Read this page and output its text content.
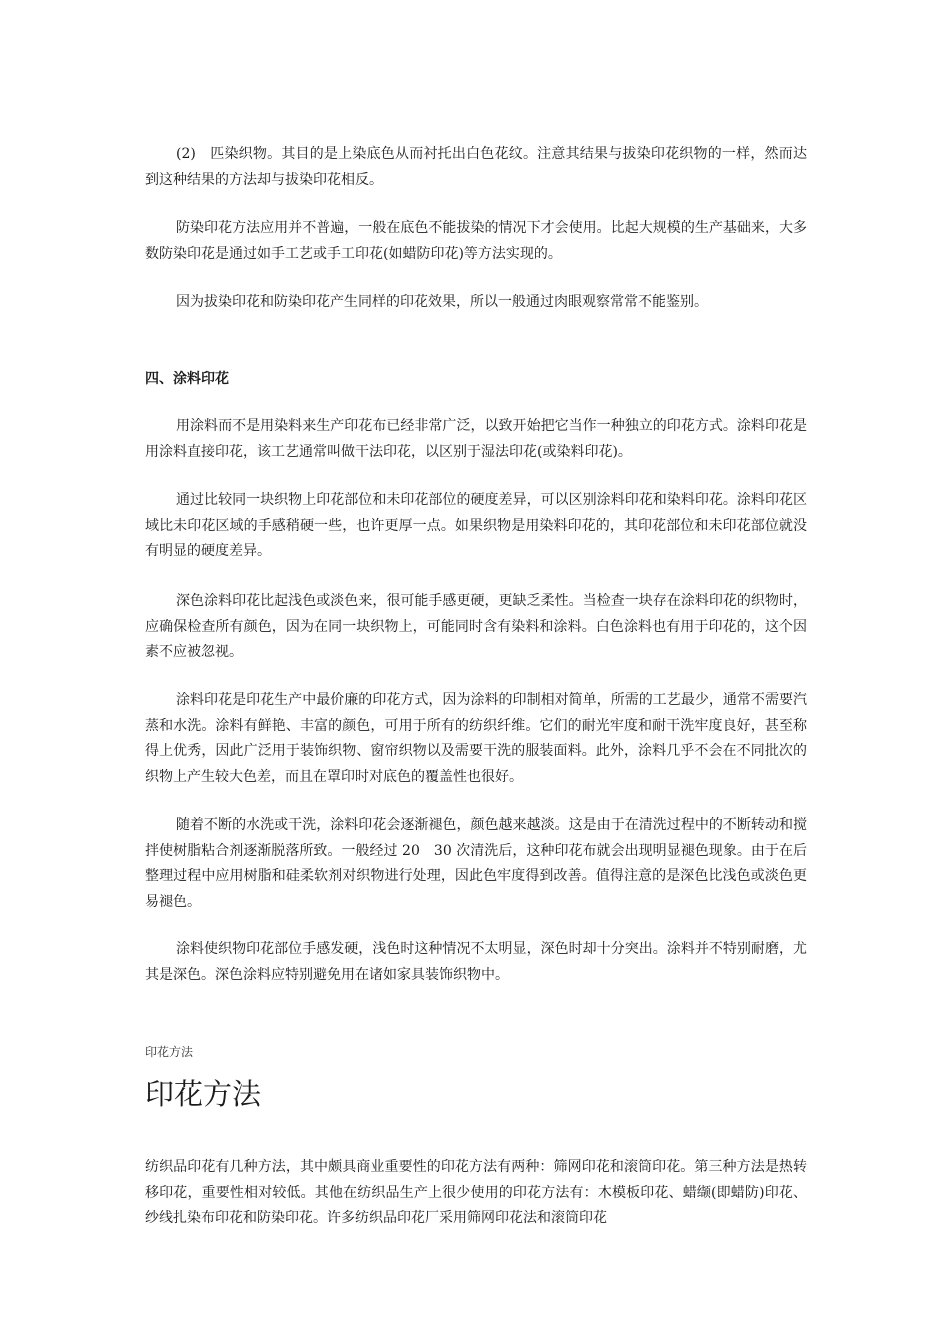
(2)　匹染织物。其目的是上染底色从而衬托出白色花纹。注意其结果与拔染印花织物的一样，然而达到这种结果的方法却与拔染印花相反。

防染印花方法应用并不普遍，一般在底色不能拔染的情况下才会使用。比起大规模的生产基础来，大多数防染印花是通过如手工艺或手工印花(如蜡防印花)等方法实现的。

因为拔染印花和防染印花产生同样的印花效果，所以一般通过肉眼观察常常不能鉴别。

四、涂料印花

用涂料而不是用染料来生产印花布已经非常广泛，以致开始把它当作一种独立的印花方式。涂料印花是用涂料直接印花，该工艺通常叫做干法印花，以区别于湿法印花(或染料印花)。

通过比较同一块织物上印花部位和未印花部位的硬度差异，可以区别涂料印花和染料印花。涂料印花区域比未印花区域的手感稍硬一些，也许更厚一点。如果织物是用染料印花的，其印花部位和未印花部位就没有明显的硬度差异。

深色涂料印花比起浅色或淡色来，很可能手感更硬，更缺乏柔性。当检查一块存在涂料印花的织物时，应确保检查所有颜色，因为在同一块织物上，可能同时含有染料和涂料。白色涂料也有用于印花的，这个因素不应被忽视。

涂料印花是印花生产中最价廉的印花方式，因为涂料的印制相对简单，所需的工艺最少，通常不需要汽蒸和水洗。涂料有鲜艳、丰富的颜色，可用于所有的纺织纤维。它们的耐光牢度和耐干洗牢度良好，甚至称得上优秀，因此广泛用于装饰织物、窗帘织物以及需要干洗的服装面料。此外，涂料几乎不会在不同批次的织物上产生较大色差，而且在罩印时对底色的覆盖性也很好。

随着不断的水洗或干洗，涂料印花会逐渐褪色，颜色越来越淡。这是由于在清洗过程中的不断转动和搅拌使树脂粘合剂逐渐脱落所致。一般经过 20　30 次清洗后，这种印花布就会出现明显褪色现象。由于在后整理过程中应用树脂和硅柔软剂对织物进行处理，因此色牢度得到改善。值得注意的是深色比浅色或淡色更易褪色。

涂料使织物印花部位手感发硬，浅色时这种情况不太明显，深色时却十分突出。涂料并不特别耐磨，尤其是深色。深色涂料应特别避免用在诸如家具装饰织物中。

印花方法
印花方法

纺织品印花有几种方法，其中颇具商业重要性的印花方法有两种：筛网印花和滚筒印花。第三种方法是热转移印花，重要性相对较低。其他在纺织品生产上很少使用的印花方法有：木模板印花、蜡缬(即蜡防)印花、纱线扎染布印花和防染印花。许多纺织品印花厂采用筛网印花法和滚筒印花
